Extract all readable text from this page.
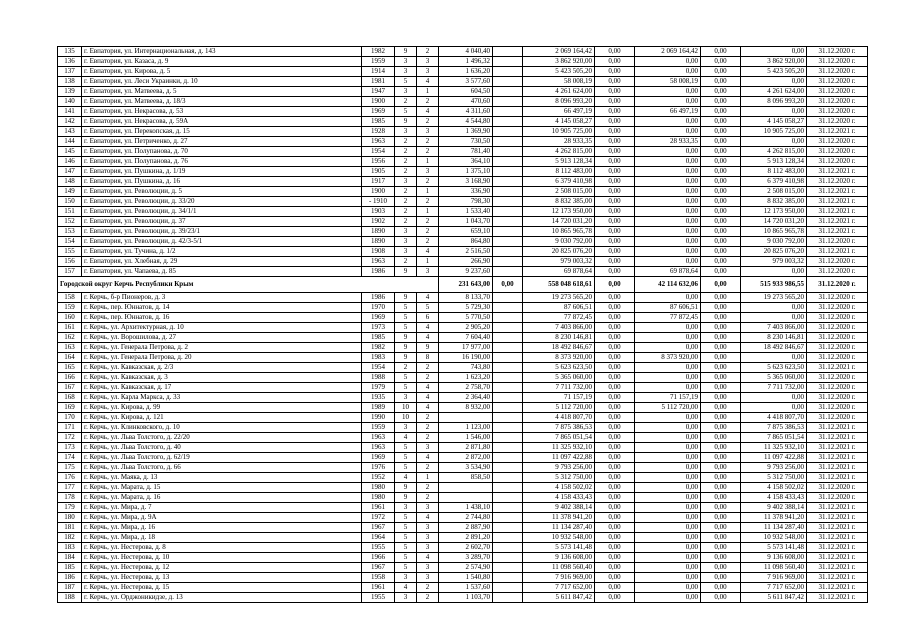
135	г. Евпатория, ул. Интернациональная, д. 143	1982	9	2	4 040,40		2 069 164,42	0,00	2 069 164,42	0,00	0,00	31.12.2020 г.
136	г. Евпатория, ул. Казаса, д. 9	1959	3	3	1 496,32		3 862 920,00	0,00	0,00	0,00	3 862 920,00	31.12.2020 г.
137	г. Евпатория, ул. Кирова, д. 5	1914	3	3	1 636,20		5 423 505,20	0,00	0,00	0,00	5 423 505,20	31.12.2020 г.
138	г. Евпатория, ул. Леси Украинки, д. 10	1981	5	4	3 577,60		58 008,19	0,00	58 008,19	0,00	0,00	31.12.2020 г.
139	г. Евпатория, ул. Матвеева, д. 5	1947	3	1	604,50		4 261 624,00	0,00	0,00	0,00	4 261 624,00	31.12.2020 г.
140	г. Евпатория, ул. Матвеева, д. 18/3	1900	2	2	470,60		8 096 993,20	0,00	0,00	0,00	8 096 993,20	31.12.2020 г.
141	г. Евпатория, ул. Некрасова, д. 53	1969	5	4	4 311,60		66 497,19	0,00	66 497,19	0,00	0,00	31.12.2020 г.
142	г. Евпатория, ул. Некрасова, д. 59А	1985	9	2	4 544,80		4 145 058,27	0,00	0,00	0,00	4 145 058,27	31.12.2020 г.
143	г. Евпатория, ул. Перекопская, д. 15	1928	3	3	1 369,90		10 905 725,00	0,00	0,00	0,00	10 905 725,00	31.12.2021 г.
144	г. Евпатория, ул. Петриченко, д. 27	1963	2	2	730,50		28 933,35	0,00	28 933,35	0,00	0,00	31.12.2020 г.
145	г. Евпатория, ул. Полупанова, д. 70	1954	2	2	781,40		4 262 815,00	0,00	0,00	0,00	4 262 815,00	31.12.2020 г.
146	г. Евпатория, ул. Полупанова, д. 76	1956	2	1	364,10		5 913 128,34	0,00	0,00	0,00	5 913 128,34	31.12.2020 г.
147	г. Евпатория, ул. Пушкина, д. 1/19	1905	2	3	1 375,10		8 112 483,00	0,00	0,00	0,00	8 112 483,00	31.12.2021 г.
148	г. Евпатория, ул. Пушкина, д. 16	1917	3	2	3 168,90		6 379 410,98	0,00	0,00	0,00	6 379 410,98	31.12.2020 г.
149	г. Евпатория, ул. Революции, д. 5	1900	2	1	336,90		2 508 015,00	0,00	0,00	0,00	2 508 015,00	31.12.2021 г.
150	г. Евпатория, ул. Революции, д. 33/20	- 1910	2	2	798,30		8 832 385,00	0,00	0,00	0,00	8 832 385,00	31.12.2021 г.
151	г. Евпатория, ул. Революции, д. 34/1/1	1903	2	1	1 533,40		12 173 950,00	0,00	0,00	0,00	12 173 950,00	31.12.2021 г.
152	г. Евпатория, ул. Революции, д. 37	1902	2	2	1 043,70		14 720 031,20	0,00	0,00	0,00	14 720 031,20	31.12.2021 г.
153	г. Евпатория, ул. Революции, д. 39/23/1	1890	3	2	659,10		10 865 965,78	0,00	0,00	0,00	10 865 965,78	31.12.2021 г.
154	г. Евпатория, ул. Революции, д. 42/3-5/1	1890	3	2	864,80		9 030 792,00	0,00	0,00	0,00	9 030 792,00	31.12.2020 г.
155	г. Евпатория, ул. Тучина, д. 1/2	1908	3	4	2 516,50		20 825 076,20	0,00	0,00	0,00	20 825 076,20	31.12.2021 г.
156	г. Евпатория, ул. Хлебная, д. 29	1963	2	1	266,90		979 003,32	0,00	0,00	0,00	979 003,32	31.12.2020 г.
157	г. Евпатория, ул. Чапаева, д. 85	1986	9	3	9 237,60		69 878,64	0,00	69 878,64	0,00	0,00	31.12.2020 г.
Городской округ Керчь Республики Крым					231 643,00	0,00	558 048 618,61	0,00	42 114 632,06	0,00	515 933 986,55	31.12.2020 г.
158	г. Керчь, б-р Пионеров, д. 3	1986	9	4	8 133,70		19 273 565,20	0,00	0,00	0,00	19 273 565,20	31.12.2020 г.
159	г. Керчь, пер. Юннатов, д. 14	1970	5	5	5 729,30		87 606,51	0,00	87 606,51	0,00	0,00	31.12.2020 г.
160	г. Керчь, пер. Юннатов, д. 16	1969	5	6	5 770,50		77 872,45	0,00	77 872,45	0,00	0,00	31.12.2020 г.
161	г. Керчь, ул. Архитектурная, д. 10	1973	5	4	2 905,20		7 403 866,00	0,00	0,00	0,00	7 403 866,00	31.12.2020 г.
162	г. Керчь, ул. Ворошилова, д. 27	1985	9	4	7 604,40		8 230 146,81	0,00	0,00	0,00	8 230 146,81	31.12.2020 г.
163	г. Керчь, ул. Генерала Петрова, д. 2	1982	9	9	17 977,00		18 492 846,67	0,00	0,00	0,00	18 492 846,67	31.12.2020 г.
164	г. Керчь, ул. Генерала Петрова, д. 20	1983	9	8	16 190,00		8 373 920,00	0,00	8 373 920,00	0,00	0,00	31.12.2020 г.
165	г. Керчь, ул. Кавказская, д. 2/3	1954	2	2	743,80		5 623 623,50	0,00	0,00	0,00	5 623 623,50	31.12.2021 г.
166	г. Керчь, ул. Кавказская, д. 3	1988	5	2	1 623,20		5 365 060,00	0,00	0,00	0,00	5 365 060,00	31.12.2020 г.
167	г. Керчь, ул. Кавказская, д. 17	1979	5	4	2 758,70		7 711 732,00	0,00	0,00	0,00	7 711 732,00	31.12.2020 г.
168	г. Керчь, ул. Карла Маркса, д. 33	1935	3	4	2 364,40		71 157,19	0,00	71 157,19	0,00	0,00	31.12.2020 г.
169	г. Керчь, ул. Кирова, д. 99	1989	10	4	8 932,00		5 112 720,00	0,00	5 112 720,00	0,00	0,00	31.12.2020 г.
170	г. Керчь, ул. Кирова, д. 121	1990	10	2			4 418 807,70	0,00	0,00	0,00	4 418 807,70	31.12.2020 г.
171	г. Керчь, ул. Клинковского, д. 10	1959	3	2	1 123,00		7 875 386,53	0,00	0,00	0,00	7 875 386,53	31.12.2021 г.
172	г. Керчь, ул. Льва Толстого, д. 22/20	1963	4	2	1 546,00		7 865 051,54	0,00	0,00	0,00	7 865 051,54	31.12.2021 г.
173	г. Керчь, ул. Льва Толстого, д. 40	1963	5	3	2 871,80		11 325 932,10	0,00	0,00	0,00	11 325 932,10	31.12.2021 г.
174	г. Керчь, ул. Льва Толстого, д. 62/19	1969	5	4	2 872,00		11 097 422,88	0,00	0,00	0,00	11 097 422,88	31.12.2021 г.
175	г. Керчь, ул. Льва Толстого, д. 66	1976	5	2	3 534,90		9 793 256,00	0,00	0,00	0,00	9 793 256,00	31.12.2021 г.
176	г. Керчь, ул. Маяка, д. 13	1952	4	1	858,50		5 312 750,00	0,00	0,00	0,00	5 312 750,00	31.12.2021 г.
177	г. Керчь, ул. Марата, д. 15	1980	9	2			4 158 502,02	0,00	0,00	0,00	4 158 502,02	31.12.2020 г.
178	г. Керчь, ул. Марата, д. 16	1980	9	2			4 158 433,43	0,00	0,00	0,00	4 158 433,43	31.12.2020 г.
179	г. Керчь, ул. Мира, д. 7	1961	3	3	1 438,10		9 402 388,14	0,00	0,00	0,00	9 402 388,14	31.12.2021 г.
180	г. Керчь, ул. Мира, д. 9А	1972	5	4	2 744,80		11 378 941,20	0,00	0,00	0,00	11 378 941,20	31.12.2021 г.
181	г. Керчь, ул. Мира, д. 16	1967	5	3	2 887,90		11 134 287,40	0,00	0,00	0,00	11 134 287,40	31.12.2021 г.
182	г. Керчь, ул. Мира, д. 18	1964	5	3	2 891,20		10 932 548,00	0,00	0,00	0,00	10 932 548,00	31.12.2021 г.
183	г. Керчь, ул. Нестерова, д. 8	1955	5	3	2 602,70		5 573 141,48	0,00	0,00	0,00	5 573 141,48	31.12.2021 г.
184	г. Керчь, ул. Нестерова, д. 10	1966	5	4	3 289,70		9 136 608,00	0,00	0,00	0,00	9 136 608,00	31.12.2021 г.
185	г. Керчь, ул. Нестерова, д. 12	1967	5	3	2 574,90		11 098 560,40	0,00	0,00	0,00	11 098 560,40	31.12.2021 г.
186	г. Керчь, ул. Нестерова, д. 13	1958	3	3	1 540,80		7 916 969,00	0,00	0,00	0,00	7 916 969,00	31.12.2021 г.
187	г. Керчь, ул. Нестерова, д. 15	1961	4	2	1 537,60		7 717 652,00	0,00	0,00	0,00	7 717 652,00	31.12.2021 г.
188	г. Керчь, ул. Орджоникидзе, д. 13	1955	3	2	1 103,70		5 611 847,42	0,00	0,00	0,00	5 611 847,42	31.12.2021 г.
